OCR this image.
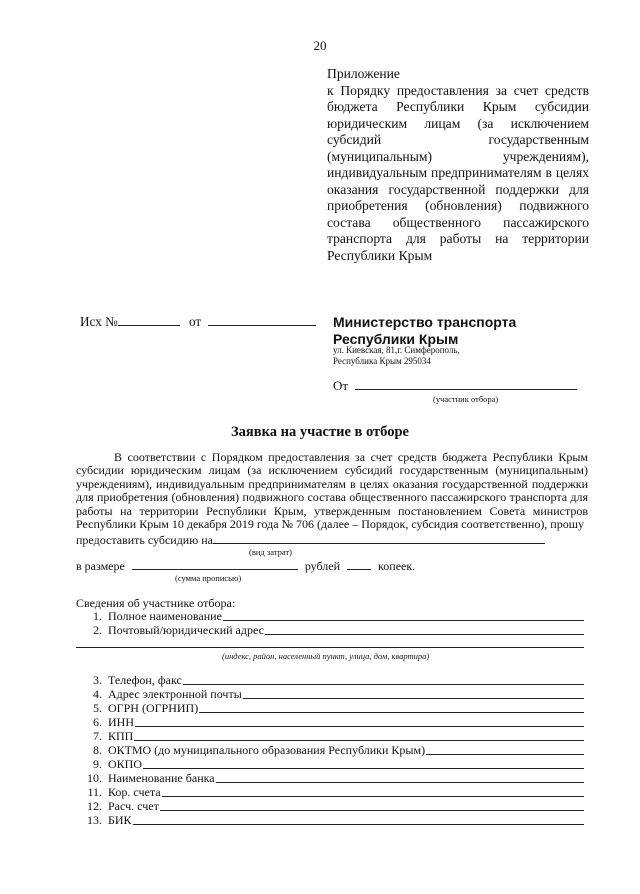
20
Приложение
к Порядку предоставления за счет средств бюджета Республики Крым субсидии юридическим лицам (за исключением субсидий государственным (муниципальным) учреждениям), индивидуальным предпринимателям в целях оказания государственной поддержки для приобретения (обновления) подвижного состава общественного пассажирского транспорта для работы на территории Республики Крым
Исх №	от	Министерство транспорта Республики Крым
ул. Киевская, 81,г. Симферополь,
Республика Крым 295034
От
(участник отбора)
Заявка на участие в отборе
В соответствии с Порядком предоставления за счет средств бюджета Республики Крым субсидии юридическим лицам (за исключением субсидий государственным (муниципальным) учреждениям), индивидуальным предпринимателям в целях оказания государственной поддержки для приобретения (обновления) подвижного состава общественного пассажирского транспорта для работы на территории Республики Крым, утвержденным постановлением Совета министров Республики Крым 10 декабря 2019 года № 706 (далее – Порядок, субсидия соответственно), прошу
предоставить субсидию на
(вид затрат)
в размере	рублей	копеек.
(сумма прописью)
Сведения об участнике отбора:
1. Полное наименование
2. Почтовый/юридический адрес
(индекс, район, населенный пункт, улица, дом, квартира)
3. Телефон, факс
4. Адрес электронной почты
5. ОГРН (ОГРНИП)
6. ИНН
7. КПП
8. ОКТМО (до муниципального образования Республики Крым)
9. ОКПО
10. Наименование банка
11. Кор. счета
12. Расч. счет
13. БИК
